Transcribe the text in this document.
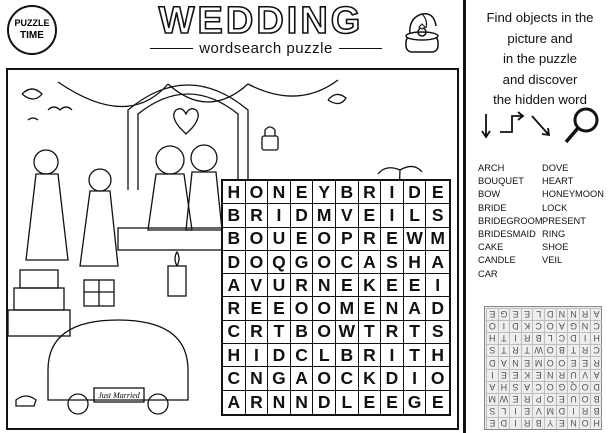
PUZZLE
TIME	WEDDING
wordsearch puzzle
Just Married
H O N E Y B R I D E
B R I D M V E I L S
B O U E O P R E W M
D O Q G O C A S H A
A V U R N E K E E I
R E E O O M E N A D
C R T B O W T R T S
H I D C L B R I T H
C N G A O C K D I O
A R N N D L E E G E
Find objects in the
picture and
in the puzzle
and discover
the hidden word
ARCH
BOUQUET
BOW
BRIDE
BRIDEGROOM
BRIDESMAID
CAKE
CANDLE
CAR
DOVE
HEART
HONEYMOON
LOCK
PRESENT
RING
SHOE
VEIL
H
O
N
E
Y
B
R
I
D
E
B
R
I
D
M
V
E
I
L
S
B
O
U
E
O
P
R
E
W
M
D
O
Q
G
O
C
A
S
H
A
A
V
U
R
N
E
K
E
E
I
R
E
E
O
O
M
E
N
A
D
C
R
T
B
O
W
T
R
T
S
H
I
D
C
L
B
R
I
T
H
C
N
G
A
O
C
K
D
I
O
A
R
N
N
D
L
E
E
G
E
